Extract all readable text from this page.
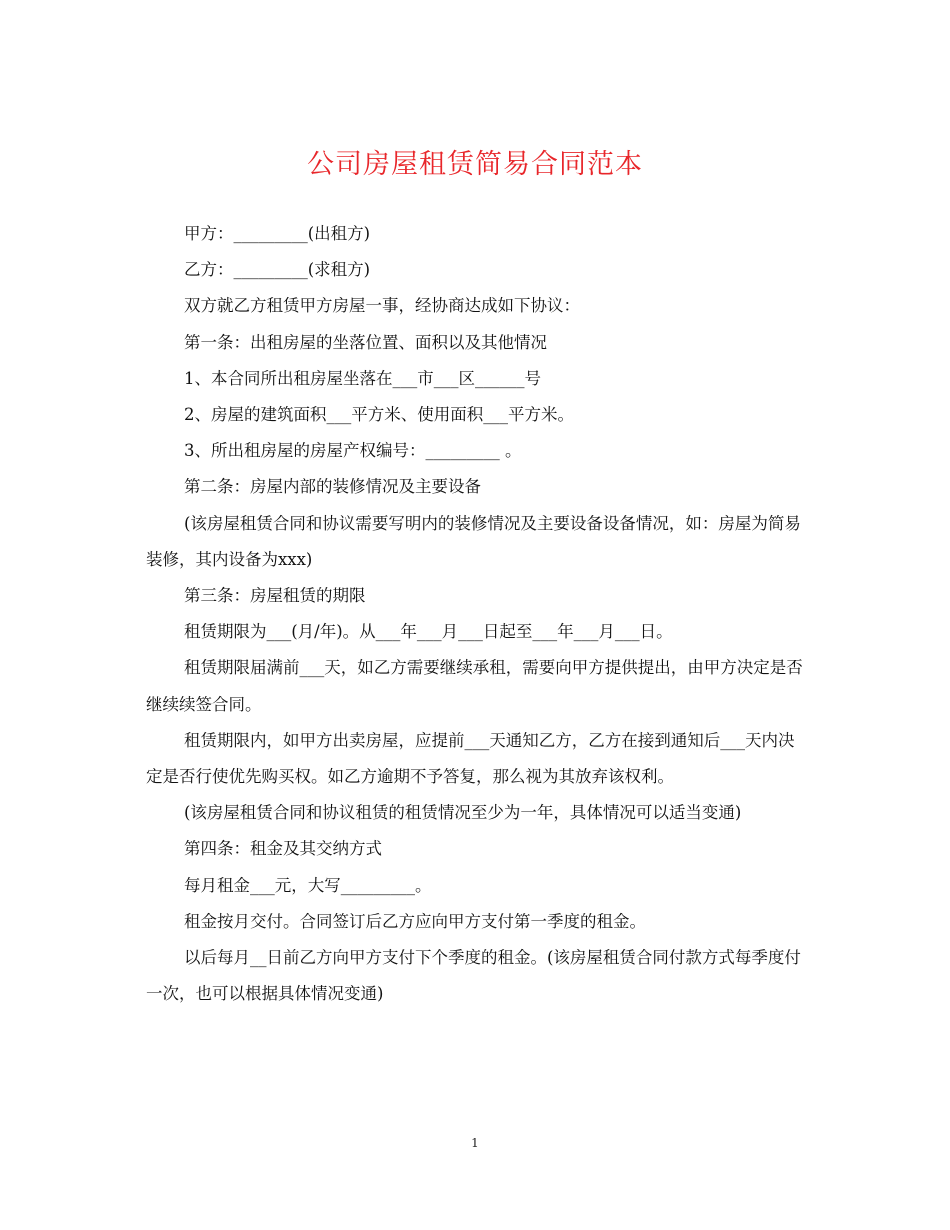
公司房屋租赁简易合同范本

甲方：_________(出租方)

乙方：_________(求租方)

双方就乙方租赁甲方房屋一事，经协商达成如下协议：

第一条：出租房屋的坐落位置、面积以及其他情况

1、本合同所出租房屋坐落在___市___区______号

2、房屋的建筑面积___平方米、使用面积___平方米。

3、所出租房屋的房屋产权编号：_________ 。

第二条：房屋内部的装修情况及主要设备

(该房屋租赁合同和协议需要写明内的装修情况及主要设备设备情况，如：房屋为简易装修，其内设备为xxx)

第三条：房屋租赁的期限

租赁期限为___(月/年)。从___年___月___日起至___年___月___日。

租赁期限届满前___天，如乙方需要继续承租，需要向甲方提供提出，由甲方决定是否继续续签合同。

租赁期限内，如甲方出卖房屋，应提前___天通知乙方，乙方在接到通知后___天内决定是否行使优先购买权。如乙方逾期不予答复，那么视为其放弃该权利。

(该房屋租赁合同和协议租赁的租赁情况至少为一年，具体情况可以适当变通)

第四条：租金及其交纳方式

每月租金___元，大写_________。

租金按月交付。合同签订后乙方应向甲方支付第一季度的租金。

以后每月__日前乙方向甲方支付下个季度的租金。(该房屋租赁合同付款方式每季度付一次，也可以根据具体情况变通)

1
